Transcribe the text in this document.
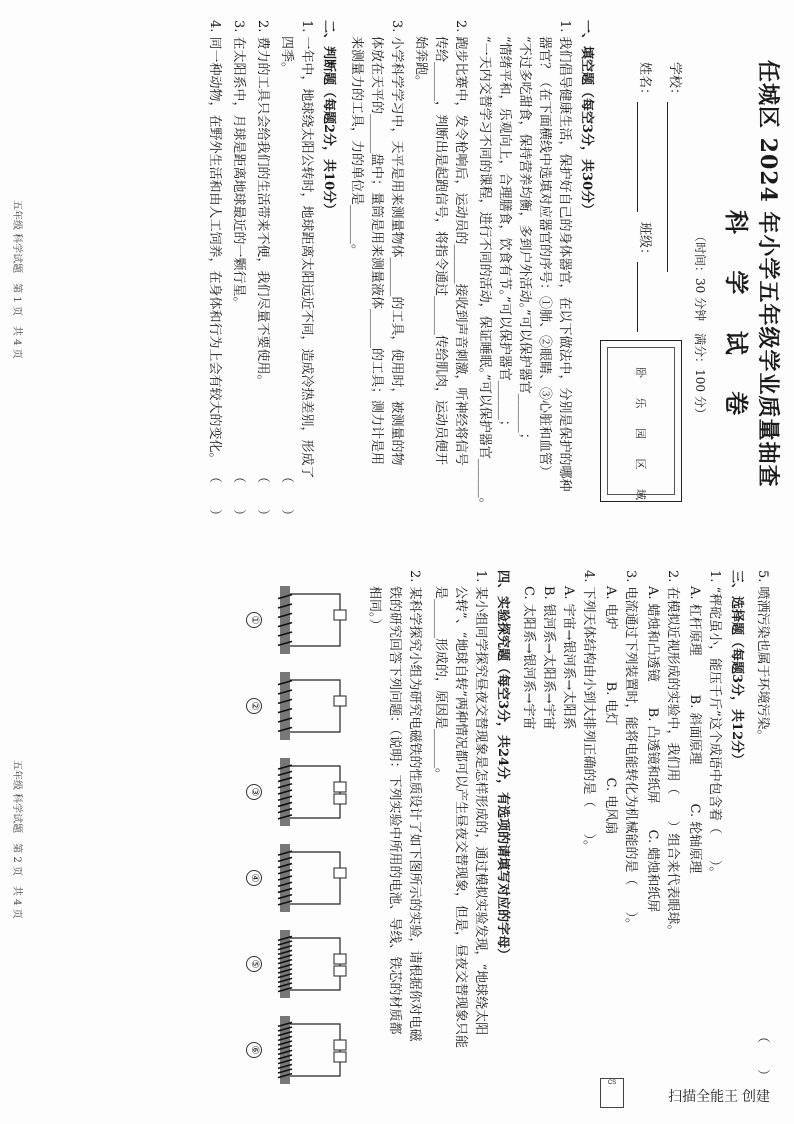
任城区 2024 年小学五年级学业质量抽查
科 学 试 卷
（时间：30 分钟　满分：100 分）
学校：
姓名：
班级：
卧 乐 园 区 域
一、填空题（每空3分，共30分）
1. 我们倡导健康生活，保护好自己的身体器官，在以下做法中，分别是保护的哪种
器官？（在下面横线中选填对应器官的序号：①肺、②眼睛、③心脏和血管）
“不过多吃甜食，保持营养均衡，多到户外活动。”可以保护器官______；
“情绪平和，乐观向上，合理膳食，饮食有节。”可以保护器官______；
“一天内交替学习不同的课程，进行不同的活动，保证睡眠。”可以保护器官______。
2. 跑步比赛中，发令枪响后，运动员的______接收到声音刺激，听神经将信号
传给______，判断出是起跑信号，将指令通过______传给肌肉，运动员便开
始奔跑。
3. 小学科学学习中，天平是用来测量物体______的工具，使用时，被测量的物
体放在天平的______盘中；量筒是用来测量液体______的工具；测力计是用
来测量力的工具，力的单位是______。
二、判断题（每题2分，共10分）
1. 一年中，地球绕太阳公转时，地球距离太阳远近不同，造成冷热差别，形成了
四季。
（　　）
2. 费力的工具只会给我们的生活带来不便，我们尽量不要使用。
（　　）
3. 在太阳系中，月球是距离地球最近的一颗行星。
（　　）
4. 同一种动物，在野外生活和由人工饲养，在身体和行为上会有较大的变化。
（　　）
五年级 科学试题　第 1 页　共 4 页
5. 喷洒污染也属于环境污染。
（　　）
三、选择题（每题3分，共12分）
1. “秤砣虽小，能压千斤”这个成语中包含着（　　）。
A. 杠杆原理　　　B. 斜面原理　　　C. 轮轴原理
2. 在模拟近视形成的实验中，我们用（　　）组合来代表眼球。
A. 蜡烛和凸透镜　　B. 凸透镜和纸屏　　C. 蜡烛和纸屏
3. 电流通过下列装置时，能将电能转化为机械能的是（　　）。
A. 电炉　　　　B. 电灯　　　　C. 电风扇
4. 下列天体结构由小到大排列正确的是（　　）。
A. 宇宙→银河系→太阳系
B. 银河系→太阳系→宇宙
C. 太阳系→银河系→宇宙
四、实验探究题（每空3分，共24分，有选项的请填写对应的字母）
1. 某小组同学探究昼夜交替现象是怎样形成的，通过模拟实验发现，“地球绕太阳
公转”、“地球自转”两种情况都可以产生昼夜交替现象，但是，昼夜交替现象只能
是______形成的，原因是______。
2. 某科学探究小组为研究电磁铁的性质设计了如下图所示的实验，请根据你对电磁
铁的研究回答下列问题：（说明：下列实验中所用的电池、导线、铁芯的材质都
相同。）
①
②
③
④
⑤
⑥
五年级 科学试题　第 2 页　共 4 页
CS
扫描全能王 创建
